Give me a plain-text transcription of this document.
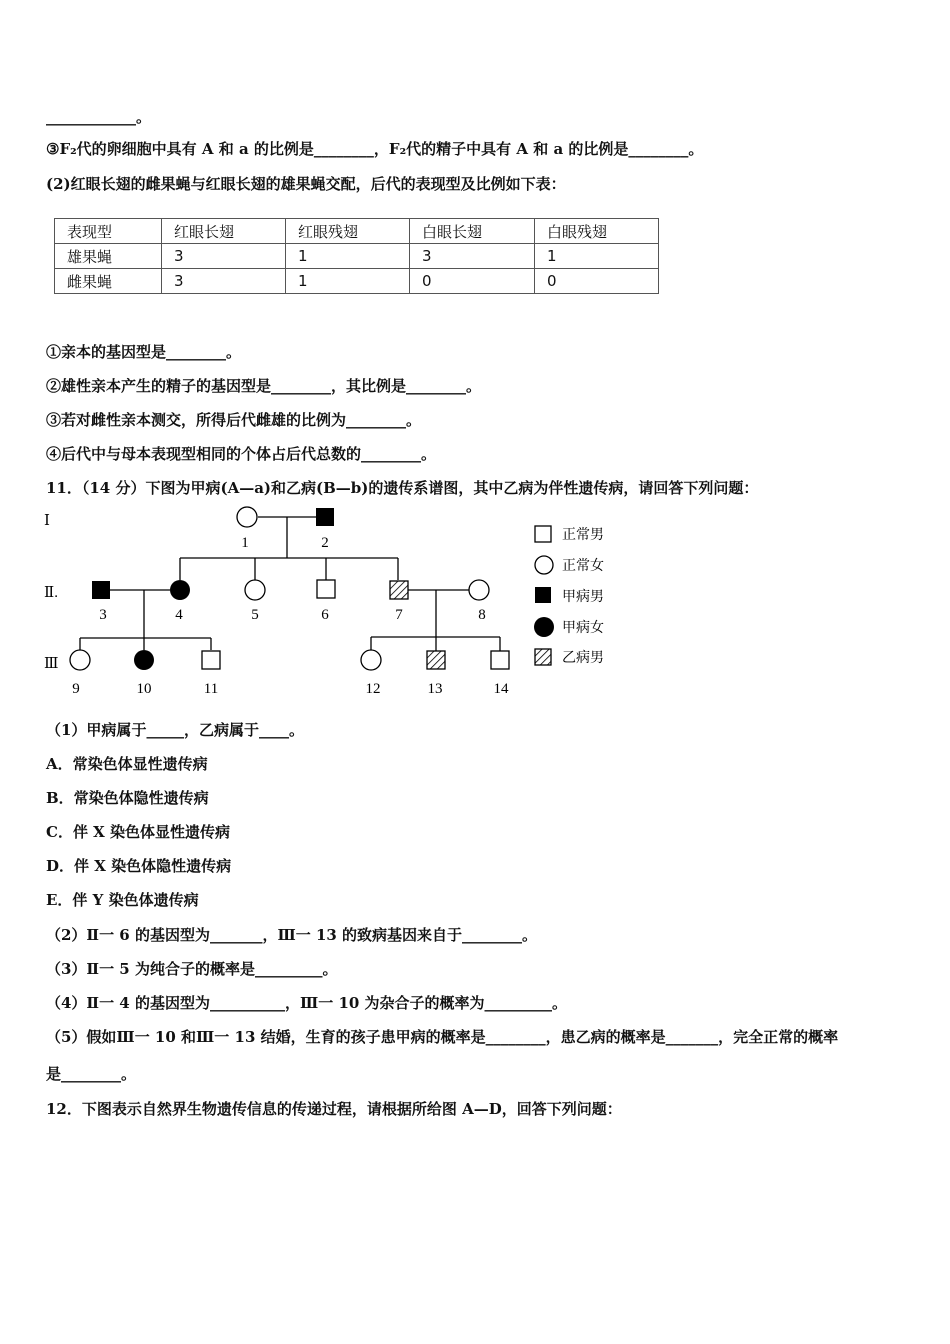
____________。
③F₂代的卵细胞中具有 A 和 a 的比例是________，F₂代的精子中具有 A 和 a 的比例是________。
(2)红眼长翅的雌果蝇与红眼长翅的雄果蝇交配，后代的表现型及比例如下表：
表现型	红眼长翅	红眼残翅	白眼长翅	白眼残翅
雄果蝇	3	1	3	1
雌果蝇	3	1	0	0
①亲本的基因型是________。
②雄性亲本产生的精子的基因型是________，其比例是________。
③若对雌性亲本测交，所得后代雌雄的比例为________。
④后代中与母本表现型相同的个体占后代总数的________。
11．（14 分）下图为甲病(A—a)和乙病(B—b)的遗传系谱图，其中乙病为伴性遗传病，请回答下列问题：
Ⅰ
Ⅱ.
Ⅲ
1	2
3	4	5	6	7	8
9	10	11	12	13	14
正常男
正常女
甲病男
甲病女
乙病男
（1）甲病属于_____，乙病属于____。
A．常染色体显性遗传病
B．常染色体隐性遗传病
C．伴 X 染色体显性遗传病
D．伴 X 染色体隐性遗传病
E．伴 Y 染色体遗传病
（2）Ⅱ一 6 的基因型为_______，Ⅲ一 13 的致病基因来自于________。
（3）Ⅱ一 5 为纯合子的概率是_________。
（4）Ⅱ一 4 的基因型为__________，Ⅲ一 10 为杂合子的概率为_________。
（5）假如Ⅲ一 10 和Ⅲ一 13 结婚，生育的孩子患甲病的概率是________，患乙病的概率是_______，完全正常的概率
是________。
12．下图表示自然界生物遗传信息的传递过程，请根据所给图 A—D，回答下列问题：
